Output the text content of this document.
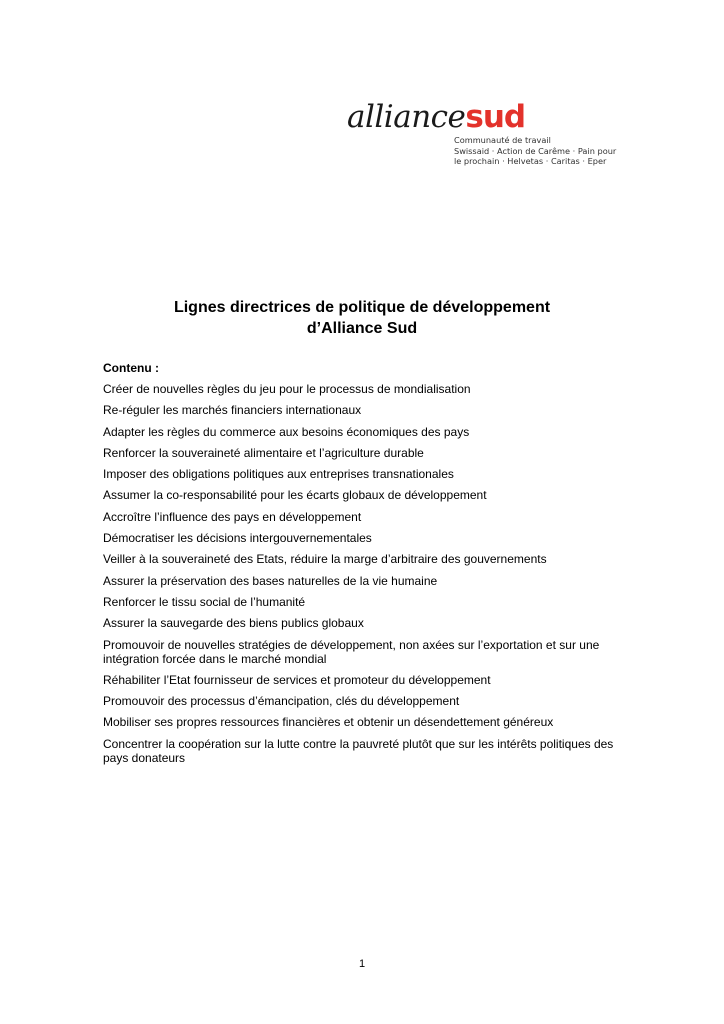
alliancesud
Communauté de travail
Swissaid · Action de Carême · Pain pour
le prochain · Helvetas · Caritas · Eper
Lignes directrices de politique de développement
d’Alliance Sud
Contenu :
Créer de nouvelles règles du jeu pour le processus de mondialisation
Re-réguler les marchés financiers internationaux
Adapter les règles du commerce aux besoins économiques des pays
Renforcer la souveraineté alimentaire et l’agriculture durable
Imposer des obligations politiques aux entreprises transnationales
Assumer la co-responsabilité pour les écarts globaux de développement
Accroître l’influence des pays en développement
Démocratiser les décisions intergouvernementales
Veiller à la souveraineté des Etats, réduire la marge d’arbitraire des gouvernements
Assurer la préservation des bases naturelles de la vie humaine
Renforcer le tissu social de l’humanité
Assurer la sauvegarde des biens publics globaux
Promouvoir de nouvelles stratégies de développement, non axées sur l’exportation et sur une intégration forcée dans le marché mondial
Réhabiliter l’Etat fournisseur de services et promoteur du développement
Promouvoir des processus d’émancipation, clés du développement
Mobiliser ses propres ressources financières et obtenir un désendettement généreux
Concentrer la coopération sur la lutte contre la pauvreté plutôt que sur les intérêts politiques des pays donateurs
1
